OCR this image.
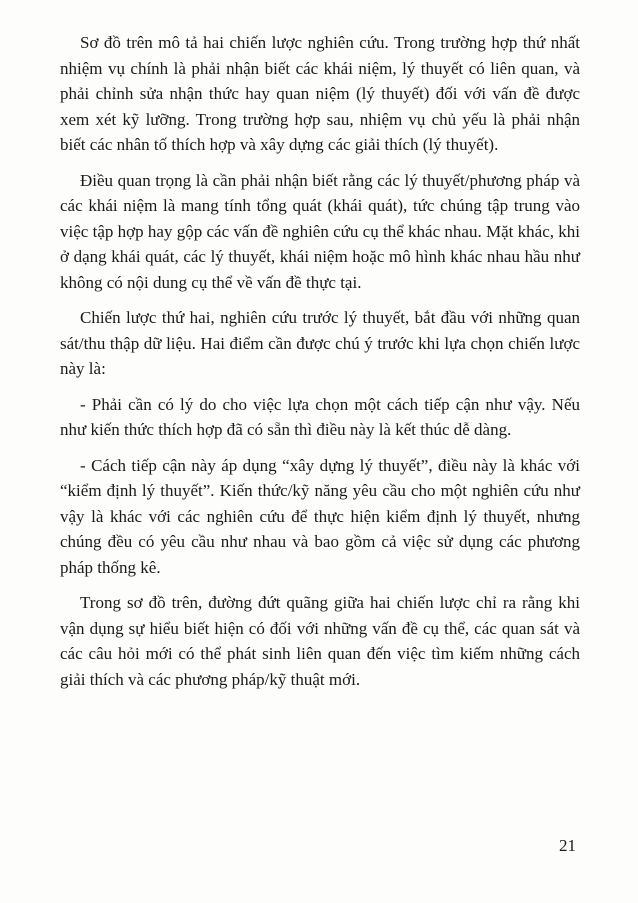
Sơ đồ trên mô tả hai chiến lược nghiên cứu. Trong trường hợp thứ nhất nhiệm vụ chính là phải nhận biết các khái niệm, lý thuyết có liên quan, và phải chỉnh sửa nhận thức hay quan niệm (lý thuyết) đối với vấn đề được xem xét kỹ lưỡng. Trong trường hợp sau, nhiệm vụ chủ yếu là phải nhận biết các nhân tố thích hợp và xây dựng các giải thích (lý thuyết).

Điều quan trọng là cần phải nhận biết rằng các lý thuyết/phương pháp và các khái niệm là mang tính tổng quát (khái quát), tức chúng tập trung vào việc tập hợp hay gộp các vấn đề nghiên cứu cụ thể khác nhau. Mặt khác, khi ở dạng khái quát, các lý thuyết, khái niệm hoặc mô hình khác nhau hầu như không có nội dung cụ thể về vấn đề thực tại.

Chiến lược thứ hai, nghiên cứu trước lý thuyết, bắt đầu với những quan sát/thu thập dữ liệu. Hai điểm cần được chú ý trước khi lựa chọn chiến lược này là:

- Phải cần có lý do cho việc lựa chọn một cách tiếp cận như vậy. Nếu như kiến thức thích hợp đã có sẵn thì điều này là kết thúc dễ dàng.

- Cách tiếp cận này áp dụng “xây dựng lý thuyết”, điều này là khác với “kiểm định lý thuyết”. Kiến thức/kỹ năng yêu cầu cho một nghiên cứu như vậy là khác với các nghiên cứu để thực hiện kiểm định lý thuyết, nhưng chúng đều có yêu cầu như nhau và bao gồm cả việc sử dụng các phương pháp thống kê.

Trong sơ đồ trên, đường đứt quãng giữa hai chiến lược chỉ ra rằng khi vận dụng sự hiểu biết hiện có đối với những vấn đề cụ thể, các quan sát và các câu hỏi mới có thể phát sinh liên quan đến việc tìm kiếm những cách giải thích và các phương pháp/kỹ thuật mới.

21
